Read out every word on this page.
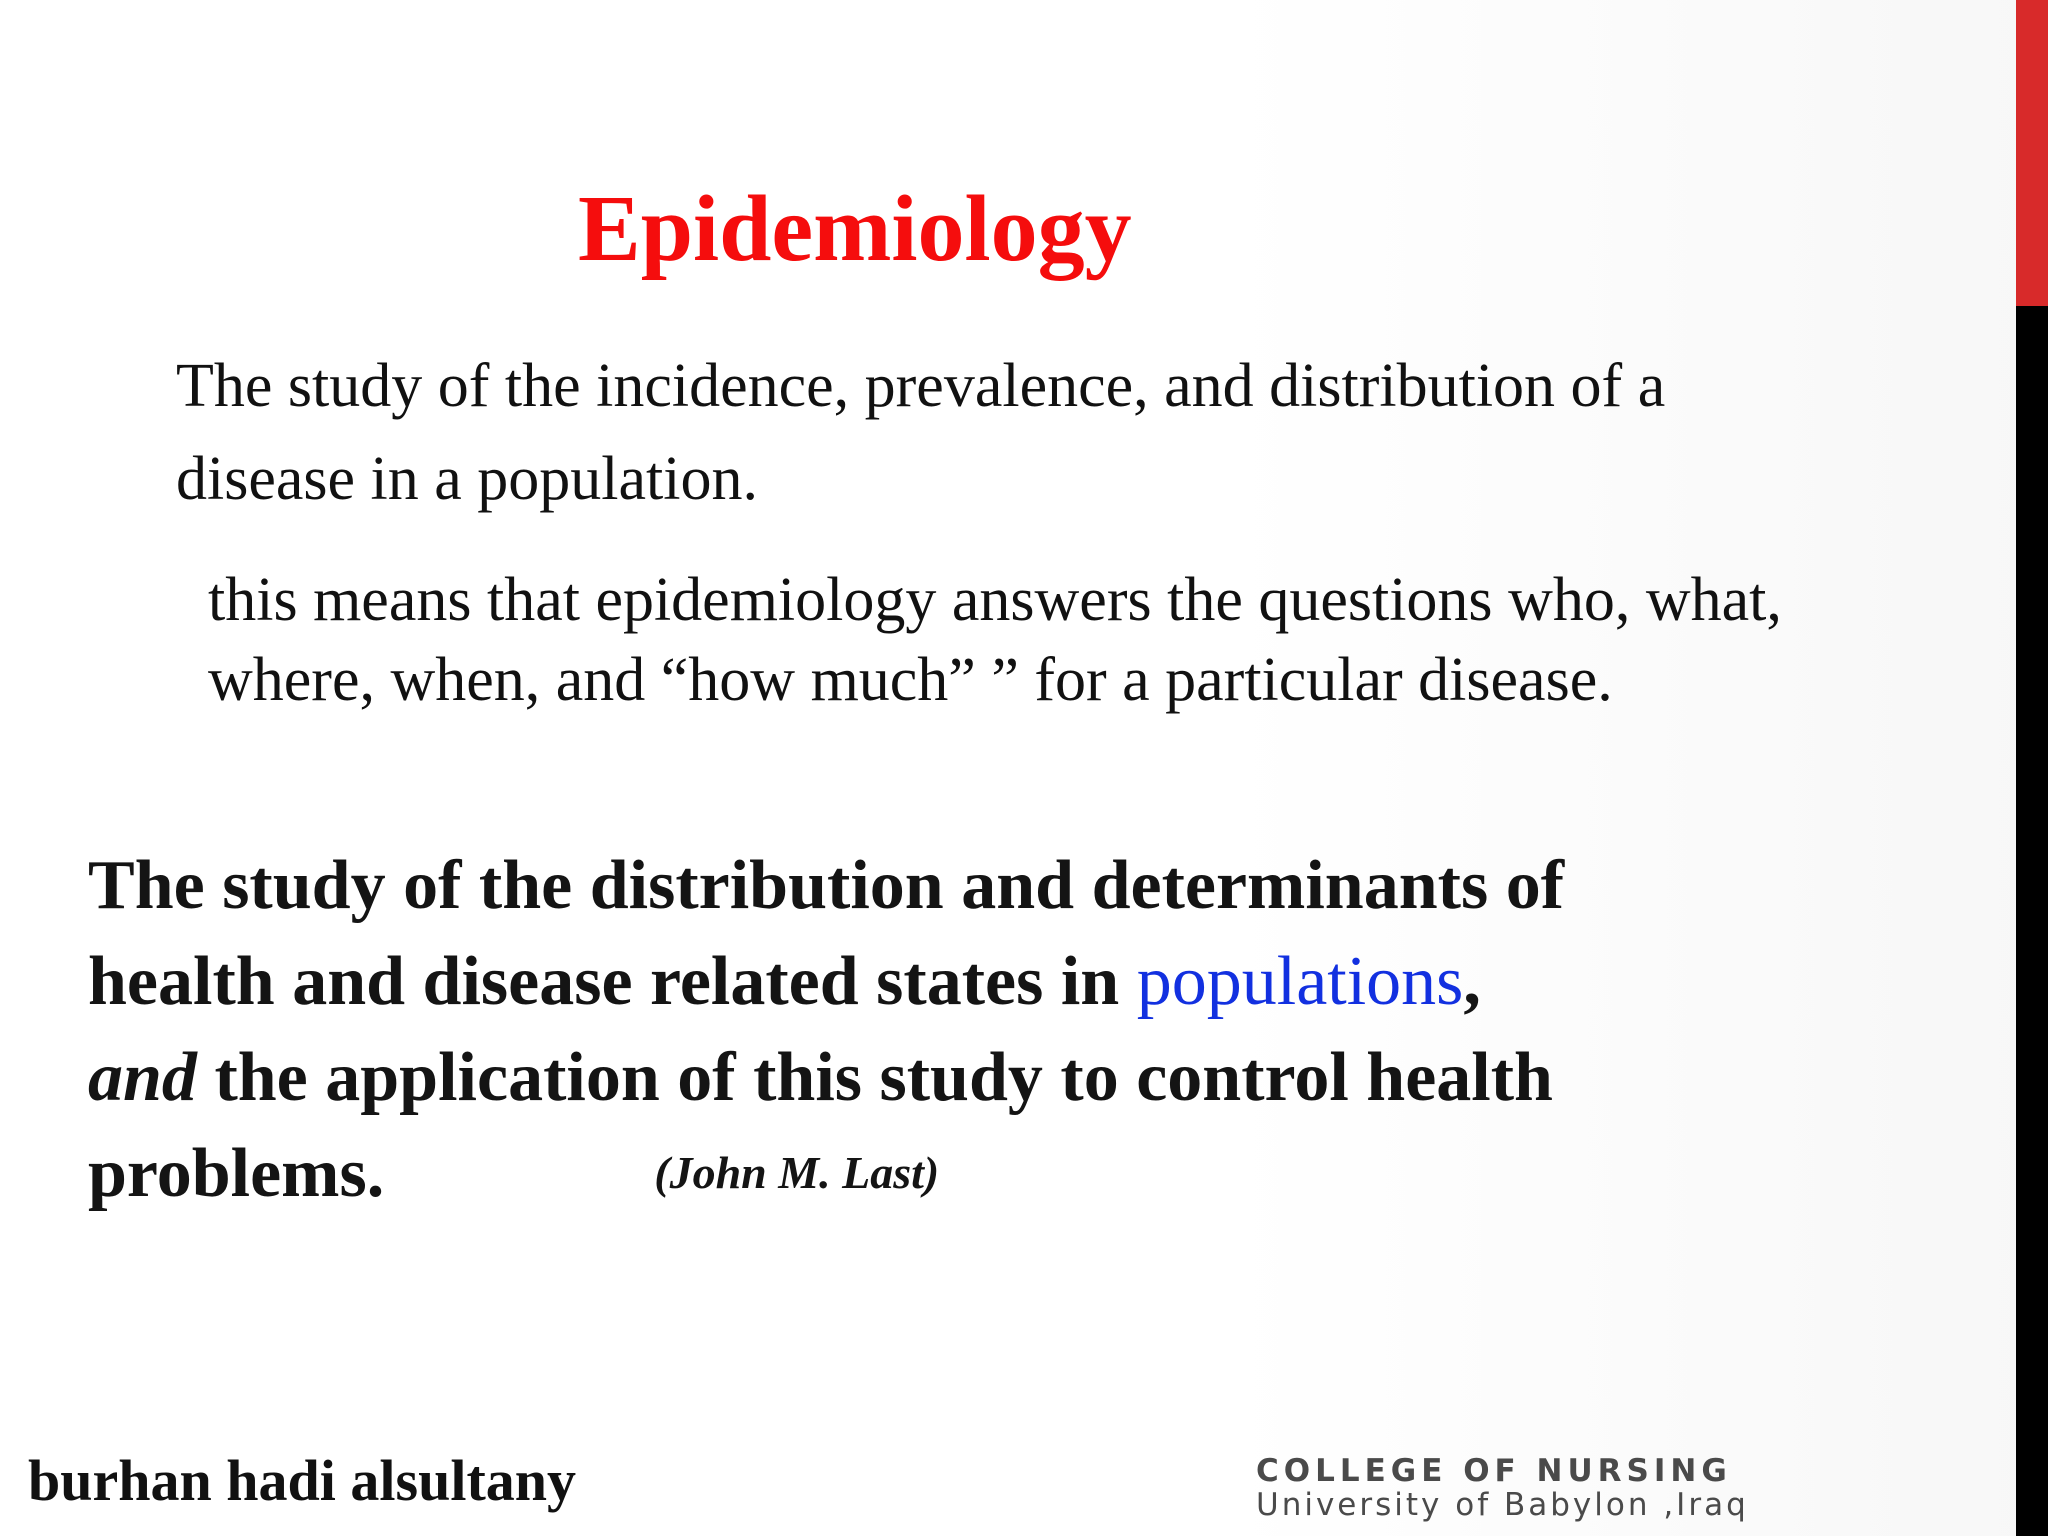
Epidemiology

The study of the incidence, prevalence, and distribution of a
disease in a population.

this means that epidemiology answers the questions who, what,
where, when, and “how much” ” for a particular disease.

The study of the distribution and determinants of
health and disease related states in populations,
and the application of this study to control health
problems.	(John M. Last)

burhan hadi alsultany	COLLEGE OF NURSING
University of Babylon ,Iraq
